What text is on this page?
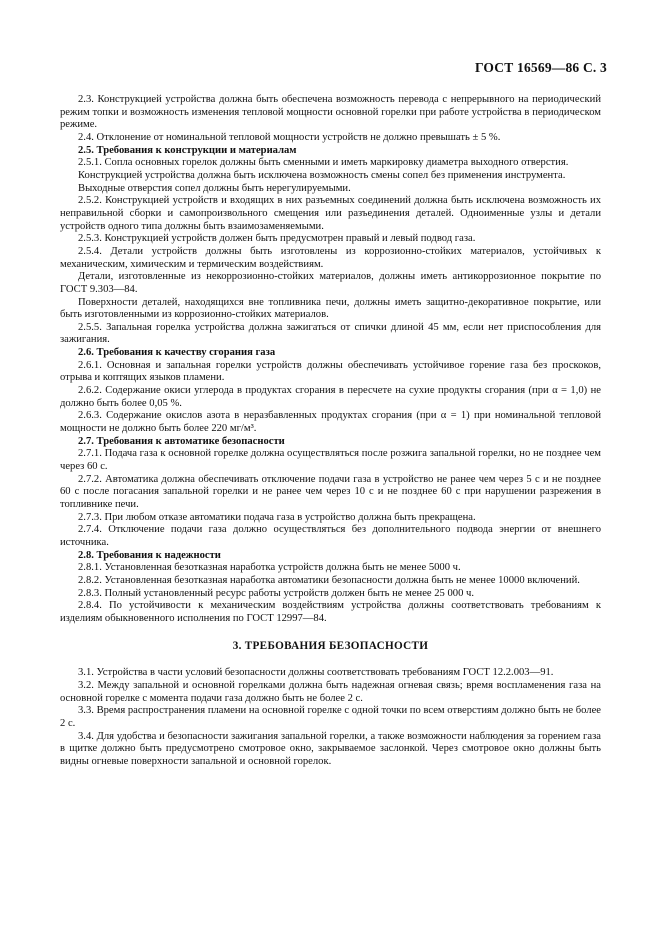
ГОСТ 16569—86 С. 3

2.3. Конструкцией устройства должна быть обеспечена возможность перевода с непрерывного на периодический режим топки и возможность изменения тепловой мощности основной горелки при работе устройства в периодическом режиме.

2.4. Отклонение от номинальной тепловой мощности устройств не должно превышать ± 5 %.

2.5. Требования к конструкции и материалам

2.5.1. Сопла основных горелок должны быть сменными и иметь маркировку диаметра выходного отверстия.

Конструкцией устройства должна быть исключена возможность смены сопел без применения инструмента.

Выходные отверстия сопел должны быть нерегулируемыми.

2.5.2. Конструкцией устройств и входящих в них разъемных соединений должна быть исключена возможность их неправильной сборки и самопроизвольного смещения или разъединения деталей. Одноименные узлы и детали устройств одного типа должны быть взаимозаменяемыми.

2.5.3. Конструкцией устройств должен быть предусмотрен правый и левый подвод газа.

2.5.4. Детали устройств должны быть изготовлены из коррозионно-стойких материалов, устойчивых к механическим, химическим и термическим воздействиям.

Детали, изготовленные из некоррозионно-стойких материалов, должны иметь антикоррозионное покрытие по ГОСТ 9.303—84.

Поверхности деталей, находящихся вне топливника печи, должны иметь защитно-декоративное покрытие, или быть изготовленными из коррозионно-стойких материалов.

2.5.5. Запальная горелка устройства должна зажигаться от спички длиной 45 мм, если нет приспособления для зажигания.

2.6. Требования к качеству сгорания газа

2.6.1. Основная и запальная горелки устройств должны обеспечивать устойчивое горение газа без проскоков, отрыва и коптящих языков пламени.

2.6.2. Содержание окиси углерода в продуктах сгорания в пересчете на сухие продукты сгорания (при α = 1,0) не должно быть более 0,05 %.

2.6.3. Содержание окислов азота в неразбавленных продуктах сгорания (при α = 1) при номинальной тепловой мощности не должно быть более 220 мг/м³.

2.7. Требования к автоматике безопасности

2.7.1. Подача газа к основной горелке должна осуществляться после розжига запальной горелки, но не позднее чем через 60 с.

2.7.2. Автоматика должна обеспечивать отключение подачи газа в устройство не ранее чем через 5 с и не позднее 60 с после погасания запальной горелки и не ранее чем через 10 с и не позднее 60 с при нарушении разрежения в топливнике печи.

2.7.3. При любом отказе автоматики подача газа в устройство должна быть прекращена.

2.7.4. Отключение подачи газа должно осуществляться без дополнительного подвода энергии от внешнего источника.

2.8. Требования к надежности

2.8.1. Установленная безотказная наработка устройств должна быть не менее 5000 ч.

2.8.2. Установленная безотказная наработка автоматики безопасности должна быть не менее 10000 включений.

2.8.3. Полный установленный ресурс работы устройств должен быть не менее 25 000 ч.

2.8.4. По устойчивости к механическим воздействиям устройства должны соответствовать требованиям к изделиям обыкновенного исполнения по ГОСТ 12997—84.

3. ТРЕБОВАНИЯ БЕЗОПАСНОСТИ

3.1. Устройства в части условий безопасности должны соответствовать требованиям ГОСТ 12.2.003—91.

3.2. Между запальной и основной горелками должна быть надежная огневая связь; время воспламенения газа на основной горелке с момента подачи газа должно быть не более 2 с.

3.3. Время распространения пламени на основной горелке с одной точки по всем отверстиям должно быть не более 2 с.

3.4. Для удобства и безопасности зажигания запальной горелки, а также возможности наблюдения за горением газа в щитке должно быть предусмотрено смотровое окно, закрываемое заслонкой. Через смотровое окно должны быть видны огневые поверхности запальной и основной горелок.
